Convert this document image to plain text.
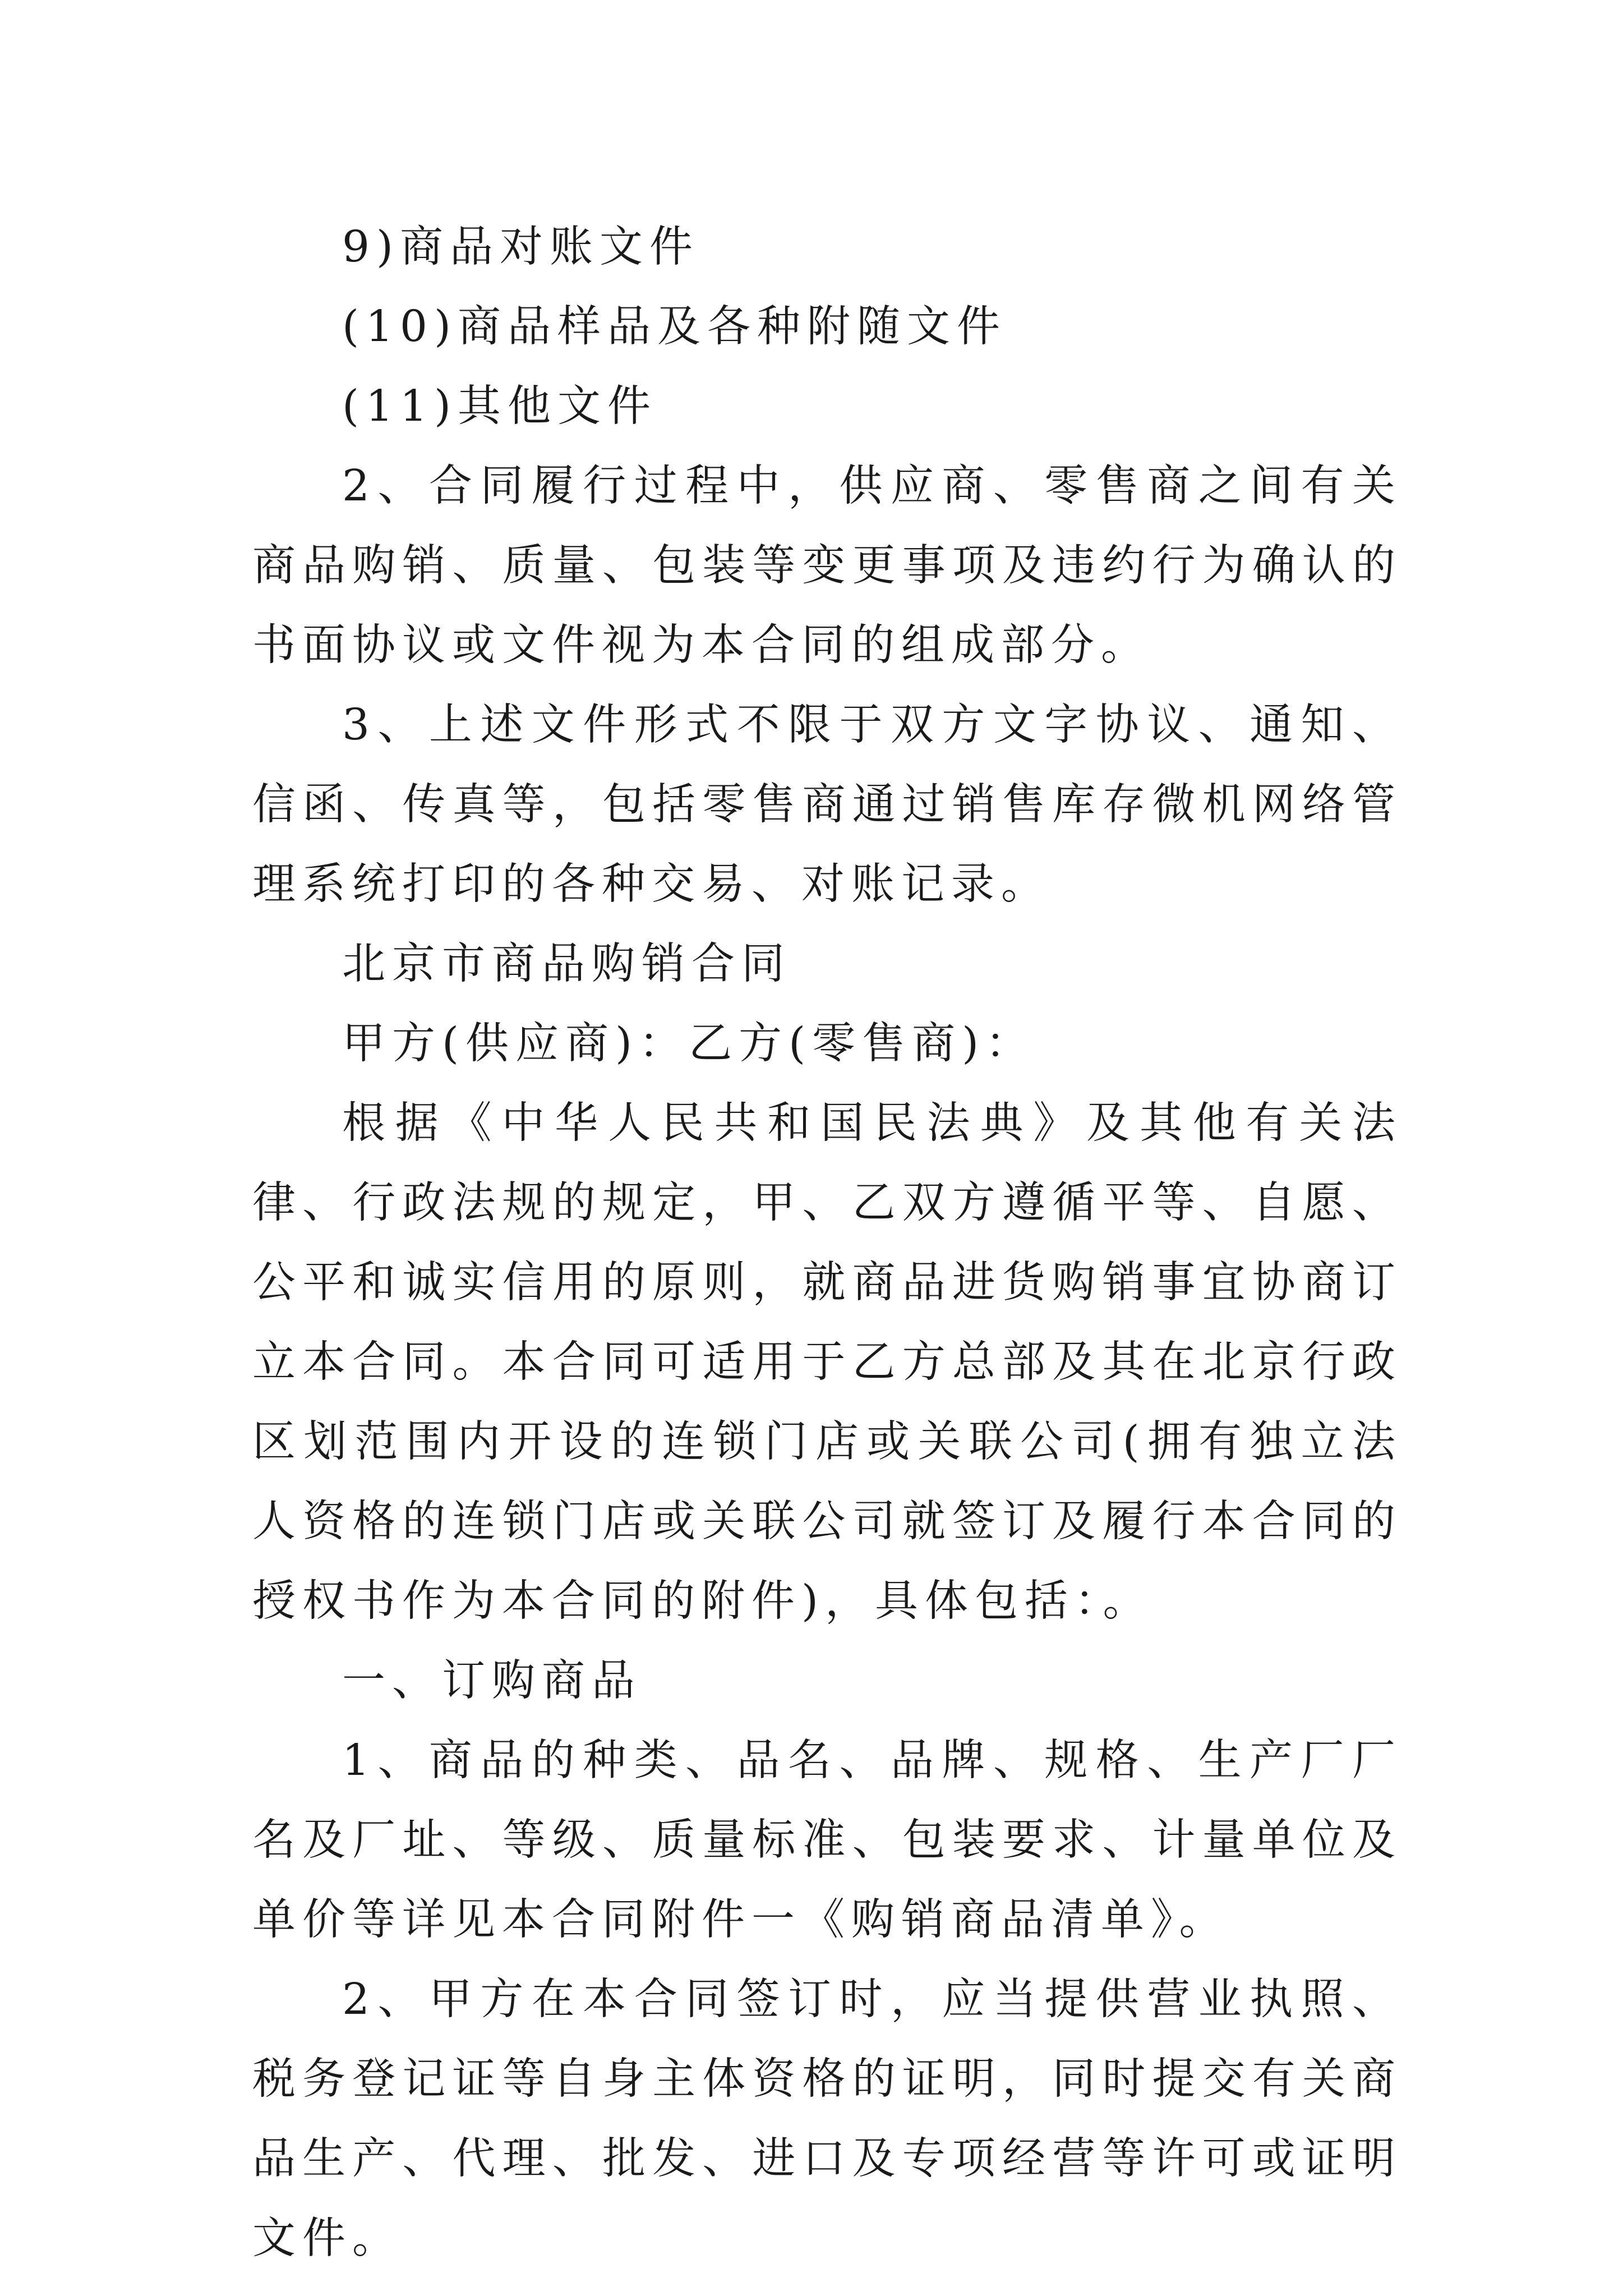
9)商品对账文件

(10)商品样品及各种附随文件

(11)其他文件

2、合同履行过程中，供应商、零售商之间有关商品购销、质量、包装等变更事项及违约行为确认的书面协议或文件视为本合同的组成部分。

3、上述文件形式不限于双方文字协议、通知、信函、传真等，包括零售商通过销售库存微机网络管理系统打印的各种交易、对账记录。

北京市商品购销合同

甲方(供应商)：乙方(零售商)：

根据《中华人民共和国民法典》及其他有关法律、行政法规的规定，甲、乙双方遵循平等、自愿、公平和诚实信用的原则，就商品进货购销事宜协商订立本合同。本合同可适用于乙方总部及其在北京行政区划范围内开设的连锁门店或关联公司(拥有独立法人资格的连锁门店或关联公司就签订及履行本合同的授权书作为本合同的附件)，具体包括：。

一、订购商品

1、商品的种类、品名、品牌、规格、生产厂厂名及厂址、等级、质量标准、包装要求、计量单位及单价等详见本合同附件一《购销商品清单》。

2、甲方在本合同签订时，应当提供营业执照、税务登记证等自身主体资格的证明，同时提交有关商品生产、代理、批发、进口及专项经营等许可或证明文件。
